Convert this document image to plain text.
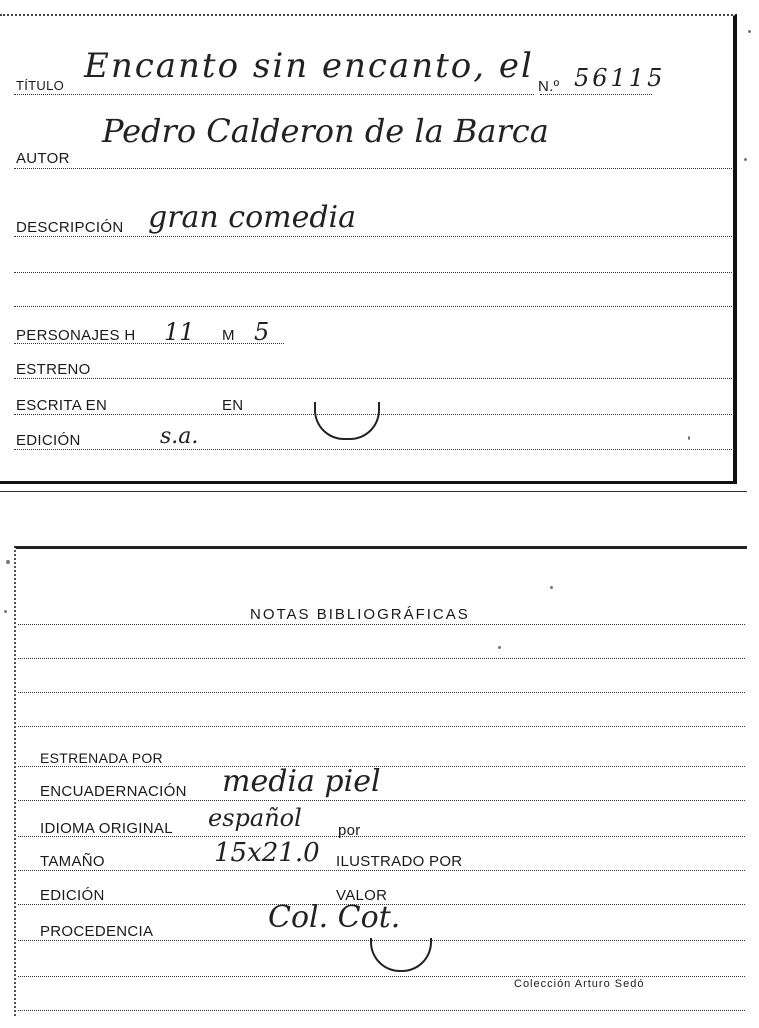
TÍTULO Encanto sin encanto, el
N.º 56115
AUTOR
Pedro Calderon de la Barca
DESCRIPCIÓN gran comedia
PERSONAJES H 11 M 5
ESTRENO
ESCRITA EN	EN
EDICIÓN	s.a.
NOTAS BIBLIOGRÁFICAS
ESTRENADA POR
ENCUADERNACIÓN media piel
IDIOMA ORIGINAL español por
TAMAÑO	15x21.0 ILUSTRADO POR
EDICIÓN	VALOR
PROCEDENCIA	Col. Cot.
Colección Arturo Sedó
